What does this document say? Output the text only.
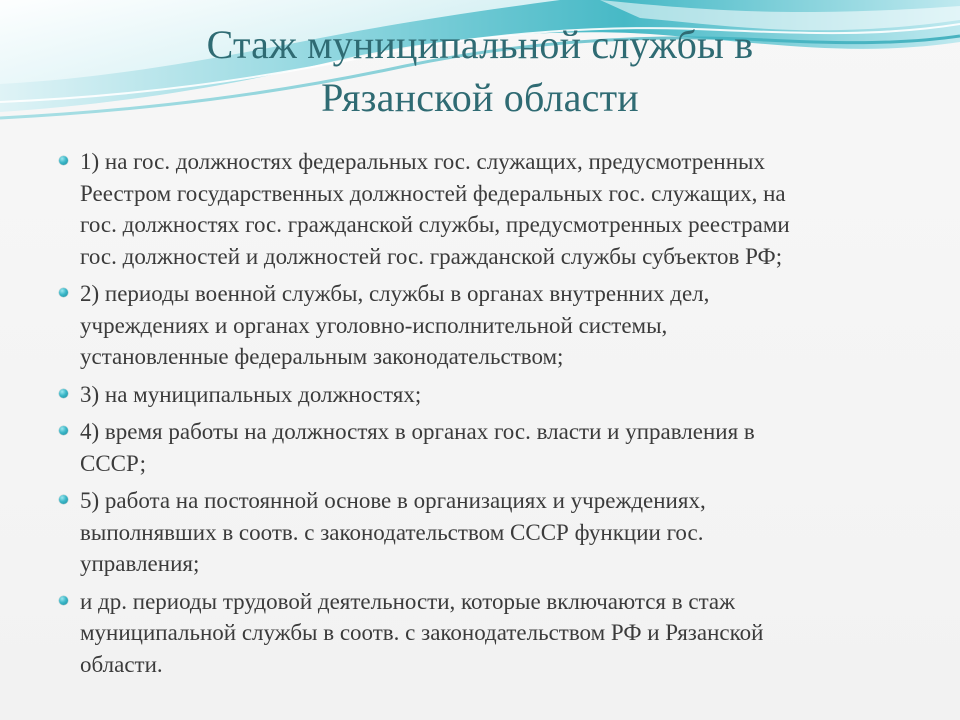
Стаж муниципальной службы в
Рязанской области
1) на гос. должностях федеральных гос. служащих, предусмотренных
Реестром государственных должностей федеральных гос. служащих, на
гос. должностях гос. гражданской службы, предусмотренных реестрами
гос. должностей и должностей гос. гражданской службы субъектов РФ;
2) периоды военной службы, службы в органах внутренних дел,
учреждениях и органах уголовно-исполнительной системы,
установленные федеральным законодательством;
3) на муниципальных должностях;
4) время работы на должностях в органах гос. власти и управления в
СССР;
5) работа на постоянной основе в организациях и учреждениях,
выполнявших в соотв. с законодательством СССР функции гос.
управления;
и др. периоды трудовой деятельности, которые включаются в стаж
муниципальной службы в соотв. с законодательством РФ и Рязанской
области.
